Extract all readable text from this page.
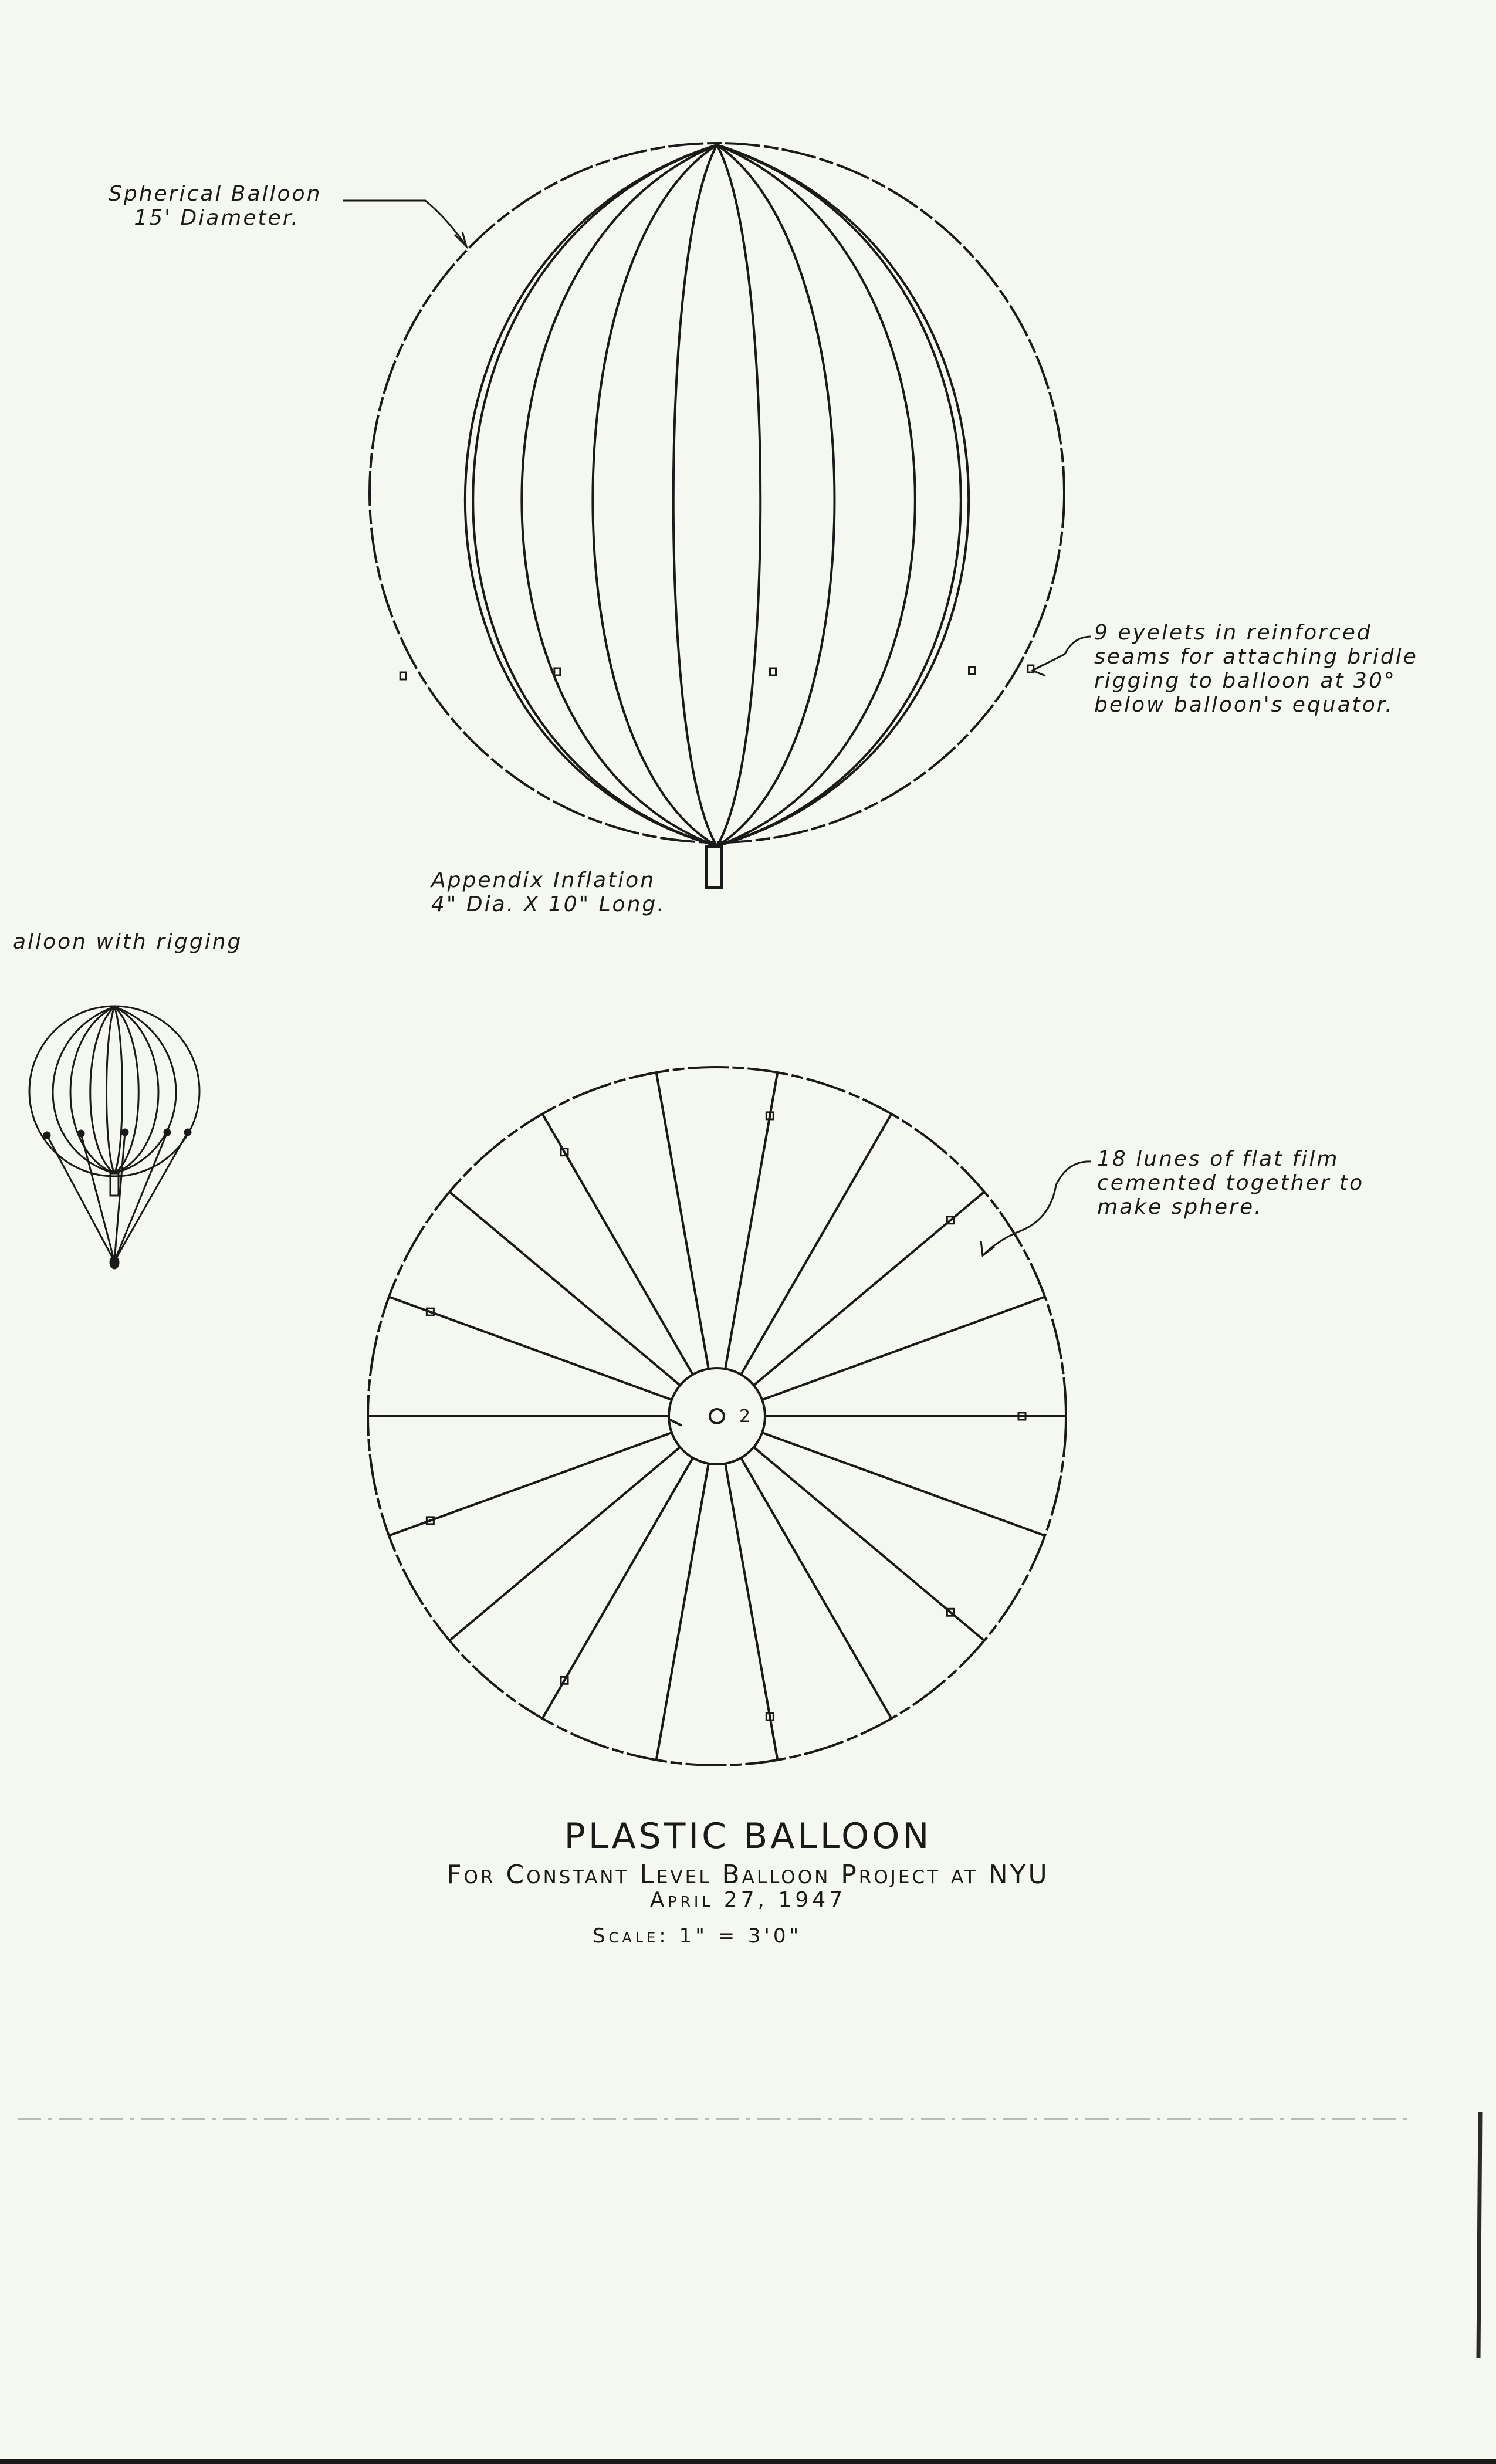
2

Spherical Balloon
15' Diameter.

9 eyelets in reinforced
seams for attaching bridle
rigging to balloon at 30°
below balloon's equator.

Appendix Inflation
4" Dia. X 10" Long.

alloon with rigging

18 lunes of flat film
cemented together to
make sphere.

PLASTIC BALLOON

For Constant Level Balloon Project at NYU

April 27, 1947

Scale: 1" = 3'0"
